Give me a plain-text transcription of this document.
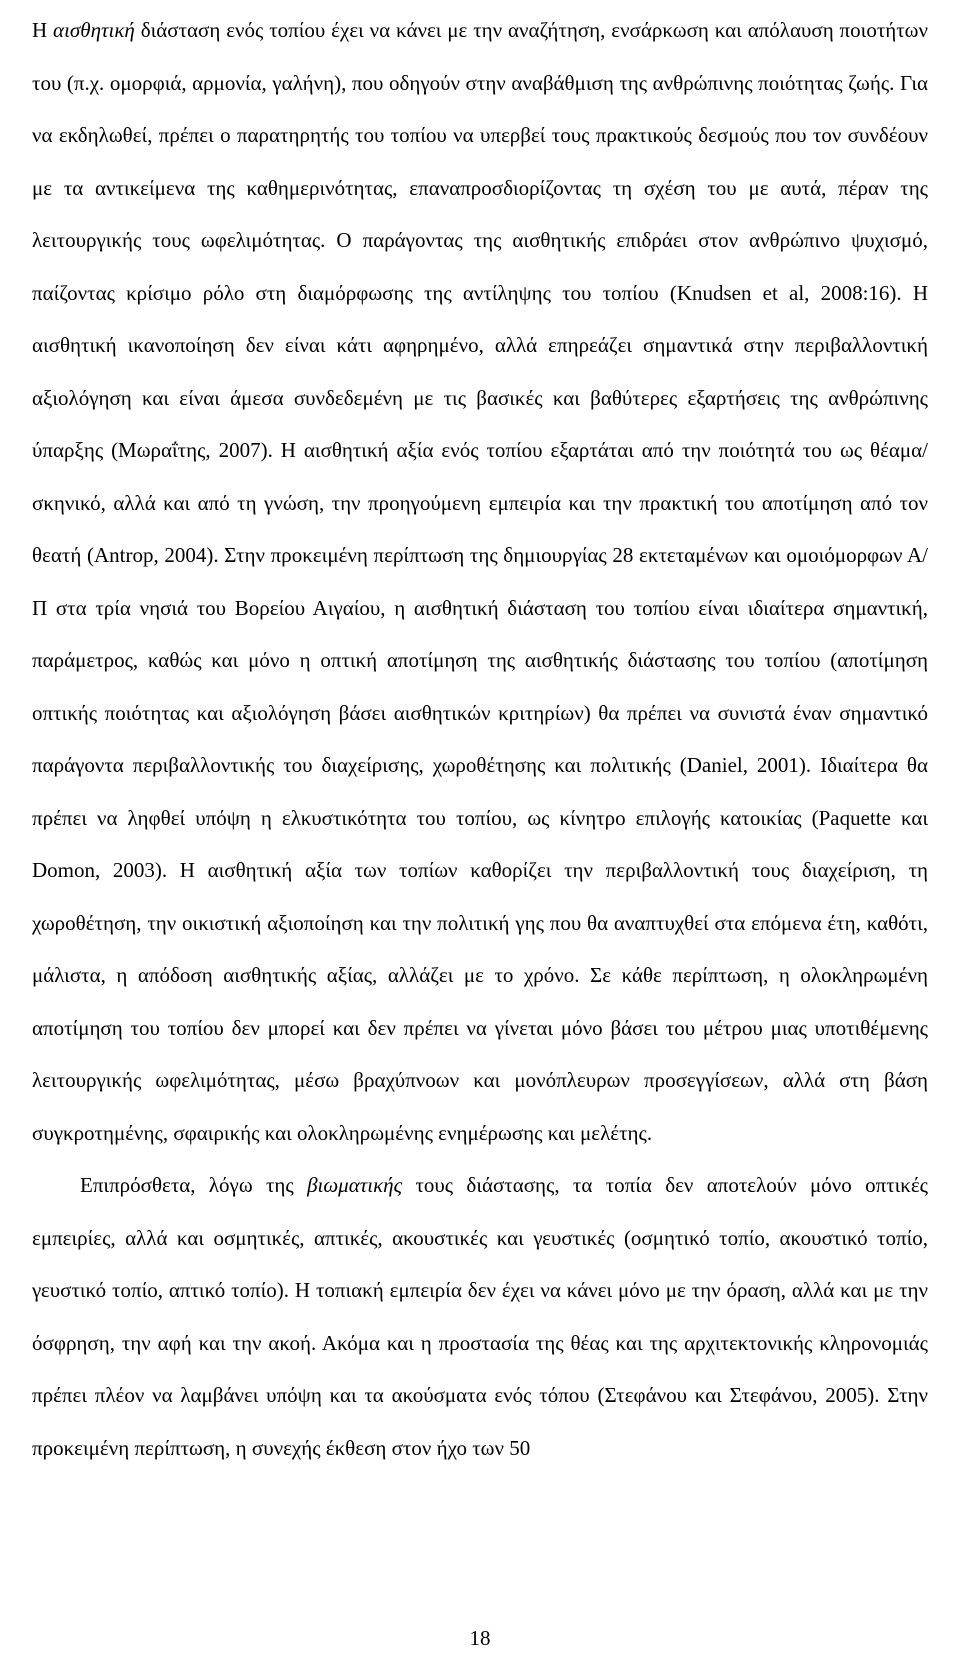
Η αισθητική διάσταση ενός τοπίου έχει να κάνει με την αναζήτηση, ενσάρκωση και απόλαυση ποιοτήτων του (π.χ. ομορφιά, αρμονία, γαλήνη), που οδηγούν στην αναβάθμιση της ανθρώπινης ποιότητας ζωής. Για να εκδηλωθεί, πρέπει ο παρατηρητής του τοπίου να υπερβεί τους πρακτικούς δεσμούς που τον συνδέουν με τα αντικείμενα της καθημερινότητας, επαναπροσδιορίζοντας τη σχέση του με αυτά, πέραν της λειτουργικής τους ωφελιμότητας. Ο παράγοντας της αισθητικής επιδράει στον ανθρώπινο ψυχισμό, παίζοντας κρίσιμο ρόλο στη διαμόρφωσης της αντίληψης του τοπίου (Knudsen et al, 2008:16). Η αισθητική ικανοποίηση δεν είναι κάτι αφηρημένο, αλλά επηρεάζει σημαντικά στην περιβαλλοντική αξιολόγηση και είναι άμεσα συνδεδεμένη με τις βασικές και βαθύτερες εξαρτήσεις της ανθρώπινης ύπαρξης (Μωραΐτης, 2007). Η αισθητική αξία ενός τοπίου εξαρτάται από την ποιότητά του ως θέαμα/ σκηνικό, αλλά και από τη γνώση, την προηγούμενη εμπειρία και την πρακτική του αποτίμηση από τον θεατή (Antrop, 2004). Στην προκειμένη περίπτωση της δημιουργίας 28 εκτεταμένων και ομοιόμορφων Α/Π στα τρία νησιά του Βορείου Αιγαίου, η αισθητική διάσταση του τοπίου είναι ιδιαίτερα σημαντική, παράμετρος, καθώς και μόνο η οπτική αποτίμηση της αισθητικής διάστασης του τοπίου (αποτίμηση οπτικής ποιότητας και αξιολόγηση βάσει αισθητικών κριτηρίων) θα πρέπει να συνιστά έναν σημαντικό παράγοντα περιβαλλοντικής του διαχείρισης, χωροθέτησης και πολιτικής (Daniel, 2001). Ιδιαίτερα θα πρέπει να ληφθεί υπόψη η ελκυστικότητα του τοπίου, ως κίνητρο επιλογής κατοικίας (Paquette και Domon, 2003). Η αισθητική αξία των τοπίων καθορίζει την περιβαλλοντική τους διαχείριση, τη χωροθέτηση, την οικιστική αξιοποίηση και την πολιτική γης που θα αναπτυχθεί στα επόμενα έτη, καθότι, μάλιστα, η απόδοση αισθητικής αξίας, αλλάζει με το χρόνο. Σε κάθε περίπτωση, η ολοκληρωμένη αποτίμηση του τοπίου δεν μπορεί και δεν πρέπει να γίνεται μόνο βάσει του μέτρου μιας υποτιθέμενης λειτουργικής ωφελιμότητας, μέσω βραχύπνοων και μονόπλευρων προσεγγίσεων, αλλά στη βάση συγκροτημένης, σφαιρικής και ολοκληρωμένης ενημέρωσης και μελέτης.

Επιπρόσθετα, λόγω της βιωματικής τους διάστασης, τα τοπία δεν αποτελούν μόνο οπτικές εμπειρίες, αλλά και οσμητικές, απτικές, ακουστικές και γευστικές (οσμητικό τοπίο, ακουστικό τοπίο, γευστικό τοπίο, απτικό τοπίο). Η τοπιακή εμπειρία δεν έχει να κάνει μόνο με την όραση, αλλά και με την όσφρηση, την αφή και την ακοή. Ακόμα και η προστασία της θέας και της αρχιτεκτονικής κληρονομιάς πρέπει πλέον να λαμβάνει υπόψη και τα ακούσματα ενός τόπου (Στεφάνου και Στεφάνου, 2005). Στην προκειμένη περίπτωση, η συνεχής έκθεση στον ήχο των 50

18
